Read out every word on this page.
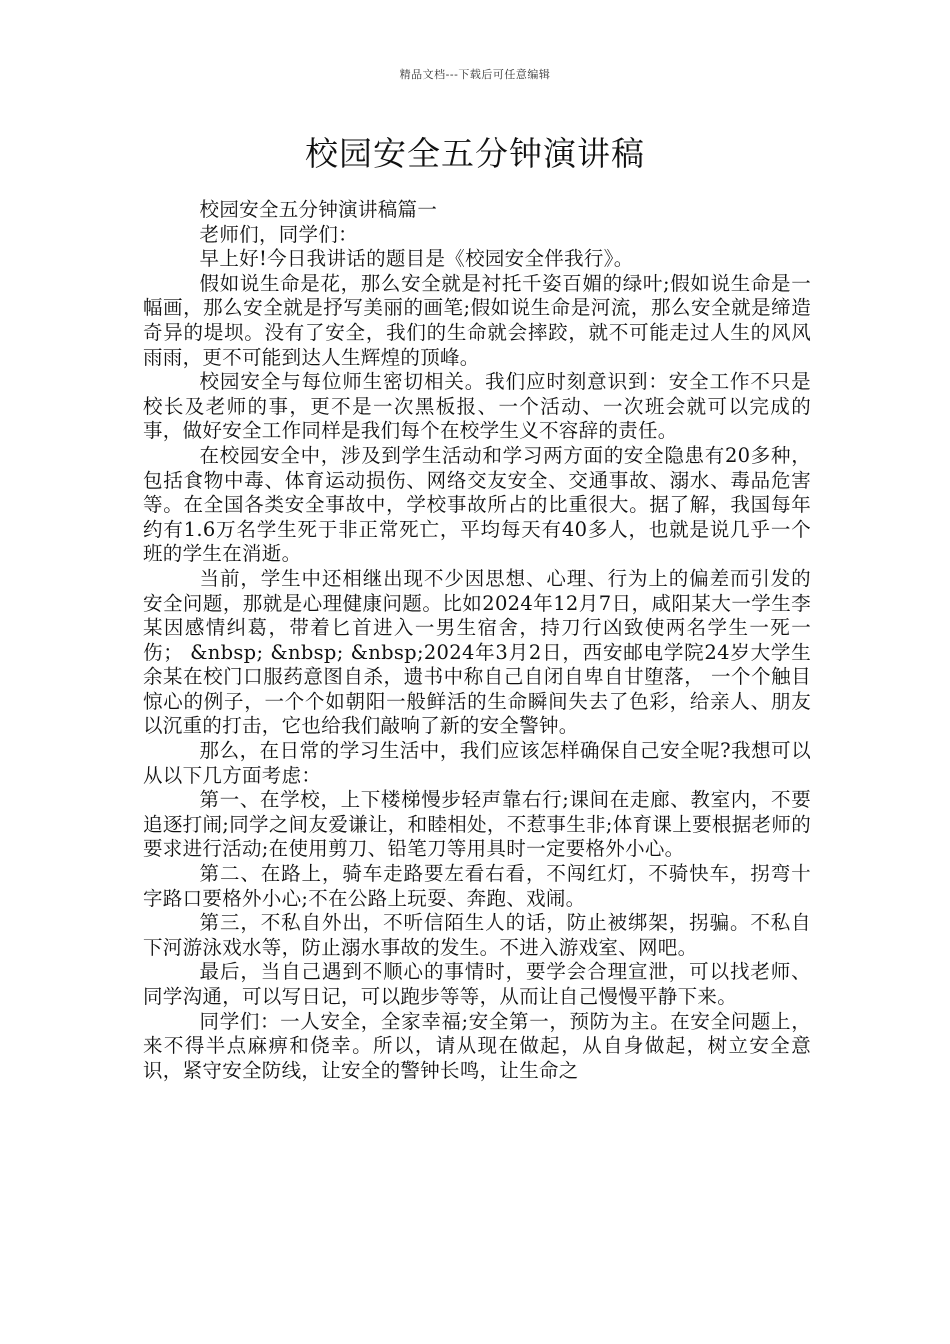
精品文档---下载后可任意编辑
校园安全五分钟演讲稿

校园安全五分钟演讲稿篇一

老师们，同学们：

早上好!今日我讲话的题目是《校园安全伴我行》。

假如说生命是花，那么安全就是衬托千姿百媚的绿叶;假如说生命是一幅画，那么安全就是抒写美丽的画笔;假如说生命是河流，那么安全就是缔造奇异的堤坝。没有了安全，我们的生命就会摔跤，就不可能走过人生的风风雨雨，更不可能到达人生辉煌的顶峰。

校园安全与每位师生密切相关。我们应时刻意识到：安全工作不只是校长及老师的事，更不是一次黑板报、一个活动、一次班会就可以完成的事，做好安全工作同样是我们每个在校学生义不容辞的责任。

在校园安全中，涉及到学生活动和学习两方面的安全隐患有20多种，包括食物中毒、体育运动损伤、网络交友安全、交通事故、溺水、毒品危害等。在全国各类安全事故中，学校事故所占的比重很大。据了解，我国每年约有1.6万名学生死于非正常死亡，平均每天有40多人，也就是说几乎一个班的学生在消逝。

当前，学生中还相继出现不少因思想、心理、行为上的偏差而引发的安全问题，那就是心理健康问题。比如2024年12月7日，咸阳某大一学生李某因感情纠葛，带着匕首进入一男生宿舍，持刀行凶致使两名学生一死一伤； &nbsp; &nbsp; &nbsp;2024年3月2日，西安邮电学院24岁大学生余某在校门口服药意图自杀，遗书中称自己自闭自卑自甘堕落， 一个个触目惊心的例子，一个个如朝阳一般鲜活的生命瞬间失去了色彩，给亲人、朋友以沉重的打击，它也给我们敲响了新的安全警钟。

那么，在日常的学习生活中，我们应该怎样确保自己安全呢?我想可以从以下几方面考虑：

第一、在学校，上下楼梯慢步轻声靠右行;课间在走廊、教室内，不要追逐打闹;同学之间友爱谦让，和睦相处，不惹事生非;体育课上要根据老师的要求进行活动;在使用剪刀、铅笔刀等用具时一定要格外小心。

第二、在路上，骑车走路要左看右看，不闯红灯，不骑快车，拐弯十字路口要格外小心;不在公路上玩耍、奔跑、戏闹。

第三，不私自外出，不听信陌生人的话，防止被绑架，拐骗。不私自下河游泳戏水等，防止溺水事故的发生。不进入游戏室、网吧。

最后，当自己遇到不顺心的事情时，要学会合理宣泄，可以找老师、同学沟通，可以写日记，可以跑步等等，从而让自己慢慢平静下来。

同学们：一人安全，全家幸福;安全第一，预防为主。在安全问题上，来不得半点麻痹和侥幸。所以，请从现在做起，从自身做起，树立安全意识，紧守安全防线，让安全的警钟长鸣，让生命之
